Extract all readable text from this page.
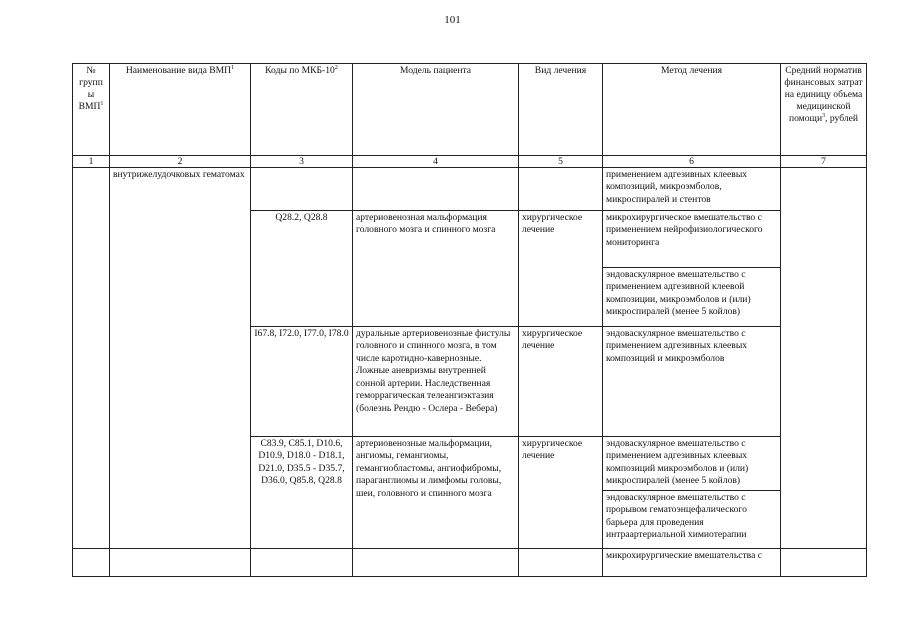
101
№ групп ы ВМП$^1$	Наименование вида ВМП$^1$	Коды по МКБ-$10^2$	Модель пациента	Вид лечения	Метод лечения	Средний норматив финансовых затрат на единицу объема медицинской помощи$^3$, рублей
1	2	3	4	5	6	7
	внутрижелудочковых гематомах				применением адгезивных клеевых композиций, микроэмболов, микроспиралей и стентов	
		Q28.2, Q28.8	артериовенозная мальформация головного мозга и спинного мозга	хирургическое лечение	микрохирургическое вмешательство с применением нейрофизиологического мониторинга	
					эндоваскулярное вмешательство с применением адгезивной клеевой композиции, микроэмболов и (или) микроспиралей (менее 5 койлов)	
		I67.8, I72.0, I77.0, I78.0	дуральные артериовенозные фистулы головного и спинного мозга, в том числе каротидно-кавернозные. Ложные аневризмы внутренней сонной артерии. Наследственная геморрагическая телеангиэктазия (болезнь Рендю - Ослера - Вебера)	хирургическое лечение	эндоваскулярное вмешательство с применением адгезивных клеевых композиций и микроэмболов	
		C83.9, C85.1, D10.6, D10.9, D18.0 - D18.1, D21.0, D35.5 - D35.7, D36.0, Q85.8, Q28.8	артериовенозные мальформации, ангиомы, гемангиомы, гемангиобластомы, ангиофибромы, параганглиомы и лимфомы головы, шеи, головного и спинного мозга	хирургическое лечение	эндоваскулярное вмешательство с применением адгезивных клеевых композиций микроэмболов и (или) микроспиралей (менее 5 койлов)	
					эндоваскулярное вмешательство с прорывом гематоэнцефалического барьера для проведения интраартериальной химиотерапии	
					микрохирургические вмешательства с	
